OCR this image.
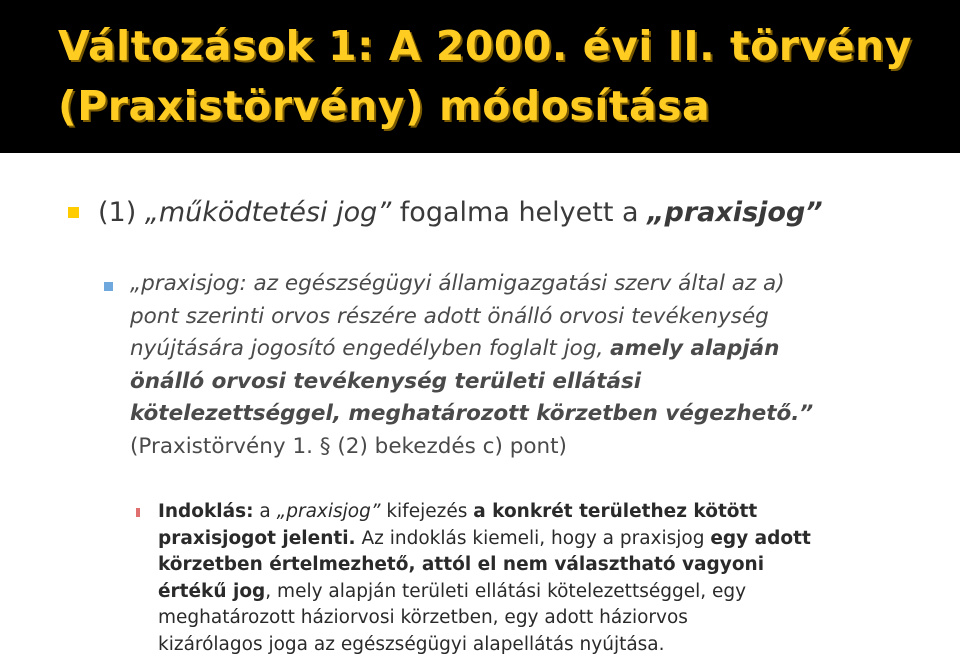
Változások 1: A 2000. évi II. törvény
(Praxistörvény) módosítása
(1) „működtetési jog” fogalma helyett a „praxisjog”
„praxisjog: az egészségügyi államigazgatási szerv által az a)
pont szerinti orvos részére adott önálló orvosi tevékenység
nyújtására jogosító engedélyben foglalt jog, amely alapján
önálló orvosi tevékenység területi ellátási
kötelezettséggel, meghatározott körzetben végezhető.”
(Praxistörvény 1. § (2) bekezdés c) pont)
Indoklás: a „praxisjog” kifejezés a konkrét területhez kötött
praxisjogot jelenti. Az indoklás kiemeli, hogy a praxisjog egy adott
körzetben értelmezhető, attól el nem választható vagyoni
értékű jog, mely alapján területi ellátási kötelezettséggel, egy
meghatározott háziorvosi körzetben, egy adott háziorvos
kizárólagos joga az egészségügyi alapellátás nyújtása.
